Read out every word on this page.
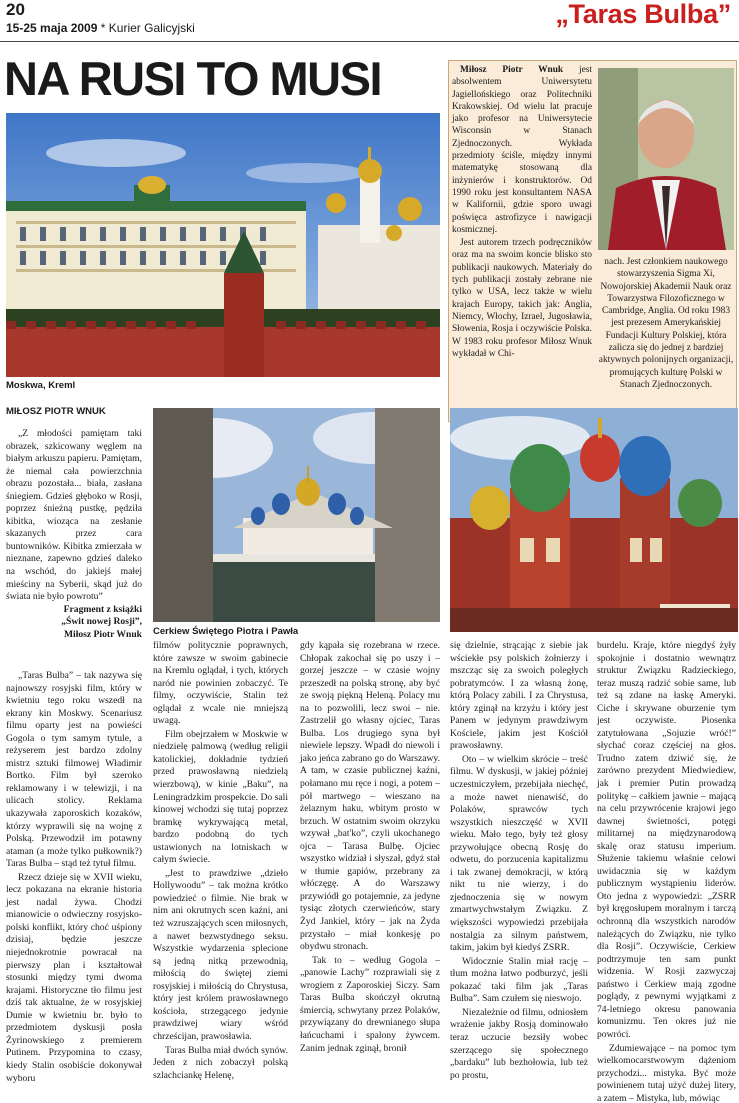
20
15-25 maja 2009 * Kurier Galicyjski	„Taras Bulba”
NA RUSI TO MUSI
Moskwa, Kreml

Miłosz Piotr Wnuk jest absolwentem Uniwersytetu Jagiellońskiego oraz Politechniki Krakowskiej. Od wielu lat pracuje jako profesor na Uniwersytecie Wisconsin w Stanach Zjednoczonych. Wykłada przedmioty ściśle, między innymi matematykę stosowaną dla inżynierów i konstruktorów. Od 1990 roku jest konsultantem NASA w Kalifornii, gdzie sporo uwagi poświęca astrofizyce i nawigacji kosmicznej.

Jest autorem trzech podręczników oraz ma na swoim koncie blisko sto publikacji naukowych. Materiały do tych publikacji zostały zebrane nie tylko w USA, lecz także w wielu krajach Europy, takich jak: Anglia, Niemcy, Włochy, Izrael, Jugosławia, Słowenia, Rosja i oczywiście Polska. W 1983 roku profesor Miłosz Wnuk wykładał w Chi-

nach. Jest członkiem naukowego stowarzyszenia Sigma Xi, Nowojorskiej Akademii Nauk oraz Towarzystwa Filozoficznego w Cambridge, Anglia. Od roku 1983 jest prezesem Amerykańskiej Fundacji Kultury Polskiej, która zalicza się do jednej z bardziej aktywnych polonijnych organizacji, promujących kulturę Polski w Stanach Zjednoczonych.
MIŁOSZ PIOTR WNUK

„Z młodości pamiętam taki obrazek, szkicowany węglem na białym arkuszu papieru. Pamiętam, że niemal cała powierzchnia obrazu pozostała... biała, zasłana śniegiem. Gdzieś głęboko w Rosji, poprzez śnieżną pustkę, pędziła kibitka, wioząca na zesłanie skazanych przez cara buntowników. Kibitka zmierzała w nieznane, zapewno gdzieś daleko na wschód, do jakiejś małej mieściny na Syberii, skąd już do świata nie było powrotu”

Fragment z książki
„Świt nowej Rosji”,
Miłosz Piotr Wnuk Cerkiew Świętego Piotra i Pawła

„Taras Bulba” – tak nazywa się najnowszy rosyjski film, który w kwietniu tego roku wszedł na ekrany kin Moskwy. Scenariusz filmu oparty jest na powieści Gogola o tym samym tytule, a reżyserem jest bardzo zdolny mistrz sztuki filmowej Władimir Bortko. Film był szeroko reklamowany i w telewizji, i na ulicach stolicy. Reklama ukazywała zaporoskich kozaków, którzy wyprawili się na wojnę z Polską. Przewodził im potawny ataman (a może tylko pułkownik?) Taras Bulba – stąd też tytuł filmu.

Rzecz dzieje się w XVII wieku, lecz pokazana na ekranie historia jest nadal żywa. Chodzi mianowicie o odwieczny rosyjsko-polski konflikt, który choć uśpiony dzisiaj, będzie jeszcze niejednokrotnie powracał na pierwszy plan i kształtował stosunki między tymi dwoma krajami. Historyczne tło filmu jest dziś tak aktualne, że w rosyjskiej Dumie w kwietniu br. było to przedmiotem dyskusji posła Żyrinowskiego z premierem Putinem. Przypomina to czasy, kiedy Stalin osobiście dokonywał wyboru

filmów politycznie poprawnych, które zawsze w swoim gabinecie na Kremlu oglądał, i tych, których naród nie powinien zobaczyć. Te filmy, oczywiście, Stalin też oglądał z wcale nie mniejszą uwagą.

Film obejrzałem w Moskwie w niedzielę palmową (według religii katolickiej, dokładnie tydzień przed prawosławną niedzielą wierzbową), w kinie „Baku”, na Leningradzkim prospekcie. Do sali kinowej wchodzi się tutaj poprzez bramkę wykrywającą metal, bardzo podobną do tych ustawionych na lotniskach w całym świecie.

„Jest to prawdziwe „dzieło Hollywoodu” – tak można krótko powiedzieć o filmie. Nie brak w nim ani okrutnych scen kaźni, ani też wzruszających scen miłosnych, a nawet bezwstydnego seksu. Wszystkie wydarzenia splecione są jedną nitką przewodnią, miłością do świętej ziemi rosyjskiej i miłością do Chrystusa, który jest królem prawosławnego kościoła, strzegącego jedynie prawdziwej wiary wśród chrześcijan, prawosławia.

Taras Bulba miał dwóch synów. Jeden z nich zobaczył polską szlachciankę Helenę,

gdy kąpała się rozebrana w rzece. Chłopak zakochał się po uszy i – gorzej jeszcze – w czasie wojny przeszedł na polską stronę, aby być ze swoją piękną Heleną. Polacy mu na to pozwolili, lecz swoi – nie. Zastrzelił go własny ojciec, Taras Bulba. Los drugiego syna był niewiele lepszy. Wpadł do niewoli i jako jeńca zabrano go do Warszawy. A tam, w czasie publicznej kaźni, połamano mu ręce i nogi, a potem – pół martwego – wieszano na żelaznym haku, wbitym prosto w brzuch. W ostatnim swoim okrzyku wzywał „bat'ko”, czyli ukochanego ojca – Tarasa Bulbę. Ojciec wszystko widział i słyszał, gdyż stał w tłumie gapiów, przebrany za włóczęgę. A do Warszawy przywiódł go potajemnie, za jedyne tysiąc złotych czerwieńców, stary Żyd Jankiel, który – jak na Żyda przystało – miał konkesję po obydwu stronach.

Tak to – według Gogola – „panowie Lachy” rozprawiali się z wrogiem z Zaporoskiej Siczy. Sam Taras Bulba skończył okrutną śmiercią, schwytany przez Polaków, przywiązany do drewnianego słupa łańcuchami i spalony żywcem. Zanim jednak zginął, bronił

się dzielnie, strącając z siebie jak wściekłe psy polskich żołnierzy i mszcząc się za swoich poległych pobratymców. I za własną żonę, którą Polacy zabili. I za Chrystusa, który zginął na krzyżu i który jest Panem w jedynym prawdziwym Kościele, jakim jest Kościół prawosławny.

Oto – w wielkim skrócie – treść filmu. W dyskusji, w jakiej później uczestniczyłem, przebijała niechęć, a może nawet nienawiść, do Polaków, sprawców tych wszystkich nieszczęść w XVII wieku. Mało tego, były też głosy przywołujące obecną Rosję do odwetu, do porzucenia kapitalizmu i tak zwanej demokracji, w którą nikt tu nie wierzy, i do zjednoczenia się w nowym zmartwychwstałym Związku. Z większości wypowiedzi przebijała nostalgia za silnym państwem, takim, jakim był kiedyś ZSRR.

Widocznie Stalin miał rację – tłum można łatwo podburzyć, jeśli pokazać taki film jak „Taras Bulba”. Sam czułem się nieswojo.

Niezależnie od filmu, odniosłem wrażenie jakby Rosją dominowało teraz uczucie bezsiły wobec szerzącego się społecznego „bardaku” lub bezhołowia, lub też po prostu,

burdelu. Kraje, które niegdyś żyły spokojnie i dostatnio wewnątrz struktur Związku Radzieckiego, teraz muszą radzić sobie same, lub też są zdane na łaskę Ameryki. Ciche i skrywane oburzenie tym jest oczywiste. Piosenka zatytułowana „Sojuzie wróć!” słychać coraz częściej na głos. Trudno zatem dziwić się, że zarówno prezydent Miedwiediew, jak i premier Putin prowadzą politykę – całkiem jawnie – mającą na celu przywrócenie krajowi jego dawnej świetności, potęgi militarnej na międzynarodową skalę oraz statusu imperium. Służenie takiemu właśnie celowi uwidacznia się w każdym publicznym wystąpieniu liderów. Oto jedna z wypowiedzi: „ZSRR był kręgosłupem moralnym i tarczą ochronną dla wszystkich narodów należących do Związku, nie tylko dla Rosji”. Oczywiście, Cerkiew podtrzymuje ten sam punkt widzenia. W Rosji zazwyczaj państwo i Cerkiew mają zgodne poglądy, z pewnymi wyjątkami z 74-letniego okresu panowania komunizmu. Ten okres już nie powróci.

Zdumiewające – na pomoc tym wielkomocarstwowym dążeniom przychodzi... mistyka. Być może powinienem tutaj użyć dużej litery, a zatem – Mistyka, lub, mówiąc
